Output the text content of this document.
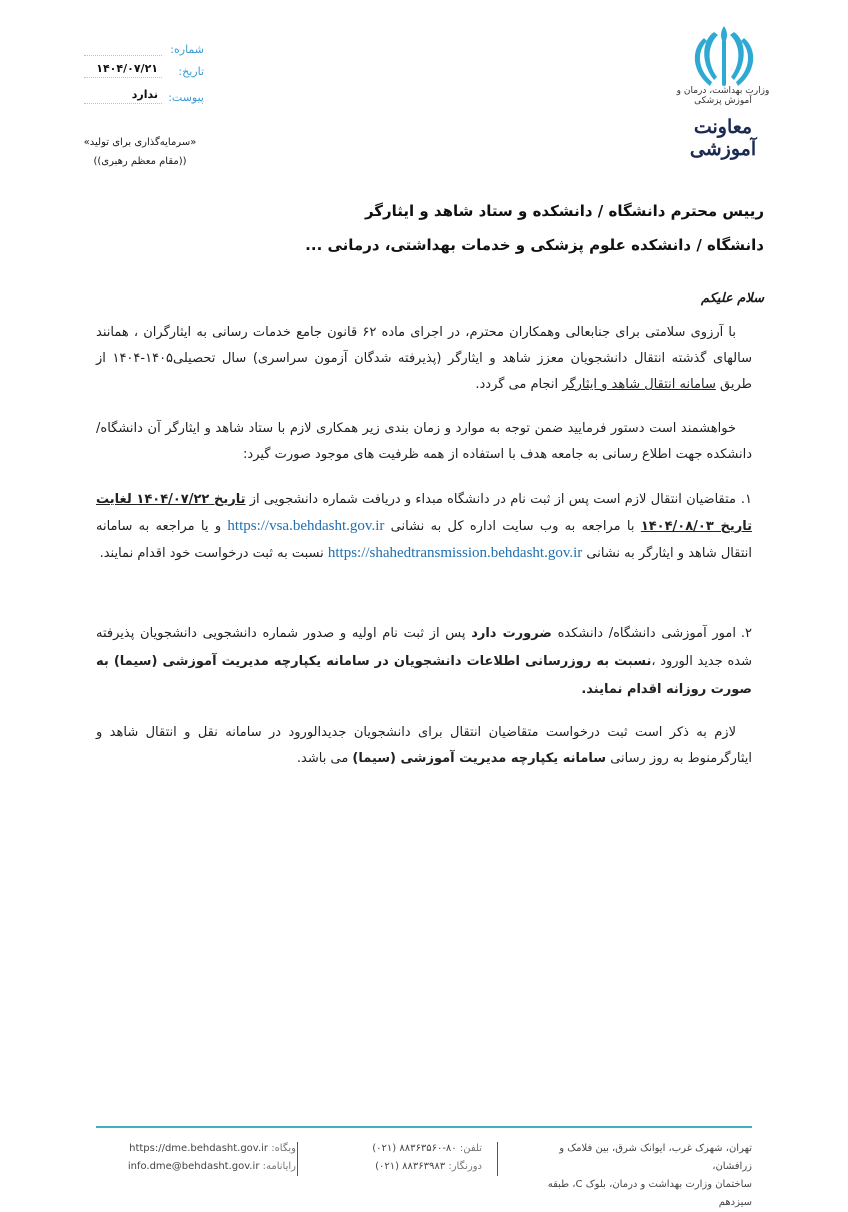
وزارت بهداشت، درمان و آموزش پزشکی
معاونت آموزشی
شماره:
تاریخ:
۱۴۰۴/۰۷/۲۱
پیوست:
ندارد
«سرمایه‌گذاری برای تولید»
((مقام معظم رهبری))
رییس محترم دانشگاه / دانشکده و ستاد شاهد و ایثارگر
دانشگاه / دانشکده علوم پزشکی و خدمات بهداشتی، درمانی ...
سلام علیکم
با آرزوی سلامتی برای جنابعالی وهمکاران محترم، در اجرای ماده ۶۲ قانون جامع خدمات رسانی به ایثارگران ، همانند سالهای گذشته انتقال دانشجویان معزز شاهد و ایثارگر (پذیرفته شدگان آزمون سراسری) سال تحصیلی۱۴۰۵-۱۴۰۴ از طریق سامانه انتقال شاهد و ایثارگر انجام می گردد.
خواهشمند است دستور فرمایید ضمن توجه به موارد و زمان بندی زیر همکاری لازم با ستاد شاهد و ایثارگر آن دانشگاه/دانشکده جهت اطلاع رسانی به جامعه هدف با استفاده از همه ظرفیت های موجود صورت گیرد:
۱.متقاضیان انتقال لازم است پس از ثبت نام در دانشگاه مبداء و دریافت شماره دانشجویی از تاریخ ۱۴۰۴/۰۷/۲۲ لغایت تاریخ ۱۴۰۴/۰۸/۰۳ با مراجعه به وب سایت اداره کل به نشانی https://vsa.behdasht.gov.ir و یا مراجعه به سامانه انتقال شاهد و ایثارگر به نشانی https://shahedtransmission.behdasht.gov.ir نسبت به ثبت درخواست خود اقدام نمایند.
۲.امور آموزشی دانشگاه/ دانشکده ضرورت دارد پس از ثبت نام اولیه و صدور شماره دانشجویی دانشجویان پذیرفته شده جدید الورود ،نسبت به روزرسانی اطلاعات دانشجویان در سامانه یکپارچه مدیریت آموزشی (سیما) به صورت روزانه اقدام نمایند.
لازم به ذکر است ثبت درخواست متقاضیان انتقال برای دانشجویان جدیدالورود در سامانه نقل و انتقال شاهد و ایثارگرمنوط به روز رسانی سامانه یکپارچه مدیریت آموزشی (سیما) می باشد.
تهران، شهرک غرب، ایوانک شرق، بین فلامک و زرافشان،
ساختمان وزارت بهداشت و درمان، بلوک C، طبقه سیزدهم
تلفن: (۰۲۱) ۸۸۳۶۳۵۶۰-۸۰
دورنگار: (۰۲۱) ۸۸۳۶۳۹۸۳
وبگاه: https://dme.behdasht.gov.ir
رایانامه: info.dme@behdasht.gov.ir
